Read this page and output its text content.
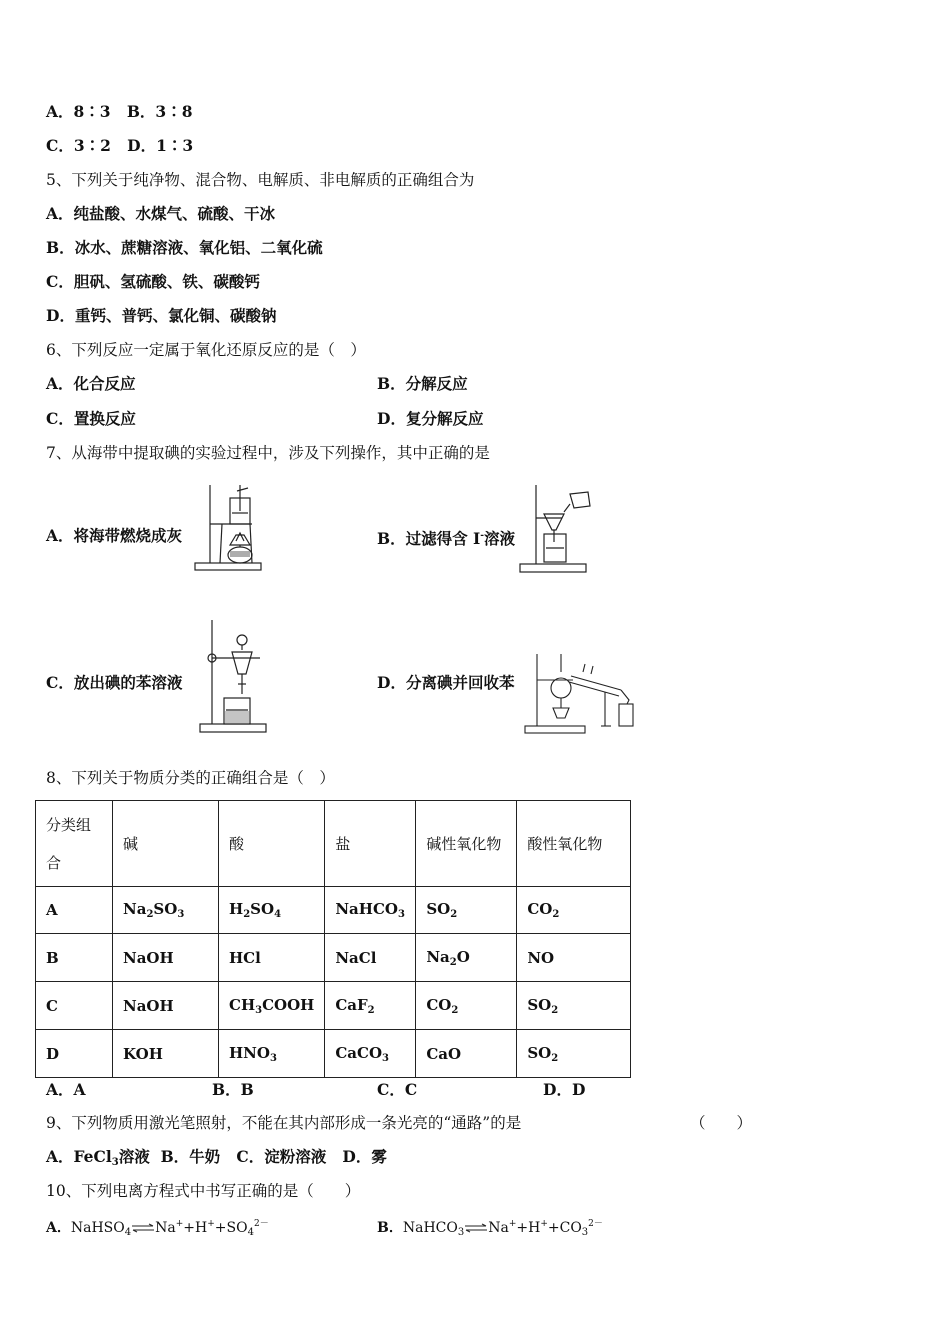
A．8∶3 B．3∶8
C．3∶2 D．1∶3
5、下列关于纯净物、混合物、电解质、非电解质的正确组合为
A．纯盐酸、水煤气、硫酸、干冰
B．冰水、蔗糖溶液、氧化铝、二氧化硫
C．胆矾、氢硫酸、铁、碳酸钙
D．重钙、普钙、氯化铜、碳酸钠
6、下列反应一定属于氧化还原反应的是（　）
A．化合反应	B．分解反应
C．置换反应	D．复分解反应
7、从海带中提取碘的实验过程中，涉及下列操作，其中正确的是
A．将海带燃烧成灰	B．过滤得含 I-溶液
C．放出碘的苯溶液	D．分离碘并回收苯
8、下列关于物质分类的正确组合是（　）
分类组合	碱	酸	盐	碱性氧化物	酸性氧化物
A	$Na_2SO_3$	$H_2SO_4$	NaHCO$_3$	$SO_2$	$CO_2$
B	NaOH	HCl	NaCl	$Na_2O$	NO
C	NaOH	$CH_3COOH$	CaF$_2$	$CO_2$	$SO_2$
D	KOH	$HNO_3$	CaCO$_3$	CaO	$SO_2$
A．A	B．B	C．C	D．D
9、下列物质用激光笔照射，不能在其内部形成一条光亮的“通路”的是	（　　）
A．FeCl$_3$溶液 B．牛奶 C．淀粉溶液 D．雾
10、下列电离方程式中书写正确的是（　　）
A．$NaHSO_4\rightleftharpoons Na^++H^++SO_4^{2-}$	B．$NaHCO_3\rightleftharpoons Na^++H^++CO_3^{2-}$
